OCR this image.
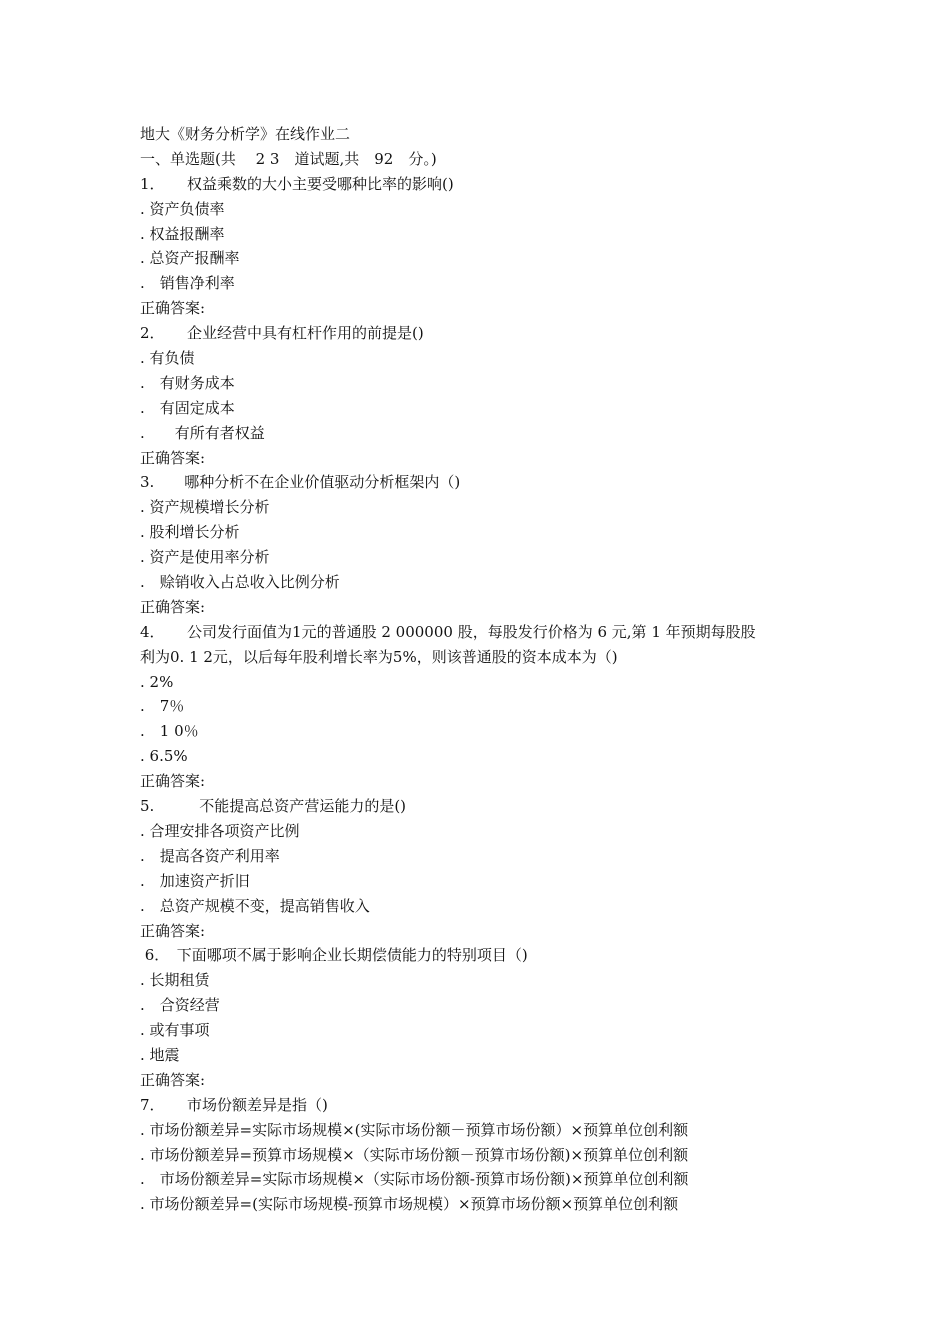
地大《财务分析学》在线作业二
一、单选题(共　 2 3　道试题,共　92　分。)
1．　　权益乘数的大小主要受哪种比率的影响()
. 资产负债率
. 权益报酬率
. 总资产报酬率
.　销售净利率
正确答案:
2．　　企业经营中具有杠杆作用的前提是()
. 有负债
.　有财务成本
.　有固定成本
.　　有所有者权益
正确答案:
3.　　哪种分析不在企业价值驱动分析框架内（)
. 资产规模增长分析
. 股利增长分析
. 资产是使用率分析
.　赊销收入占总收入比例分析
正确答案:
4．　　公司发行面值为1元的普通股 2 000000 股，每股发行价格为 6 元,第 1 年预期每股股
利为0. 1 2元，以后每年股利增长率为5%，则该普通股的资本成本为（)
. 2%
.　7％
.　1 0％
. 6.5%
正确答案:
5.　　　不能提高总资产营运能力的是()
. 合理安排各项资产比例
.　提高各资产利用率
.　加速资产折旧
.　总资产规模不变，提高销售收入
正确答案:
6．　下面哪项不属于影响企业长期偿债能力的特别项目（)
. 长期租赁
.　合资经营
. 或有事项
. 地震
正确答案:
7．　　市场份额差异是指（)
. 市场份额差异=实际市场规模×(实际市场份额－预算市场份额）×预算单位创利额
. 市场份额差异=预算市场规模×（实际市场份额－预算市场份额)×预算单位创利额
.　市场份额差异=实际市场规模×（实际市场份额-预算市场份额)×预算单位创利额
. 市场份额差异=(实际市场规模-预算市场规模）×预算市场份额×预算单位创利额
